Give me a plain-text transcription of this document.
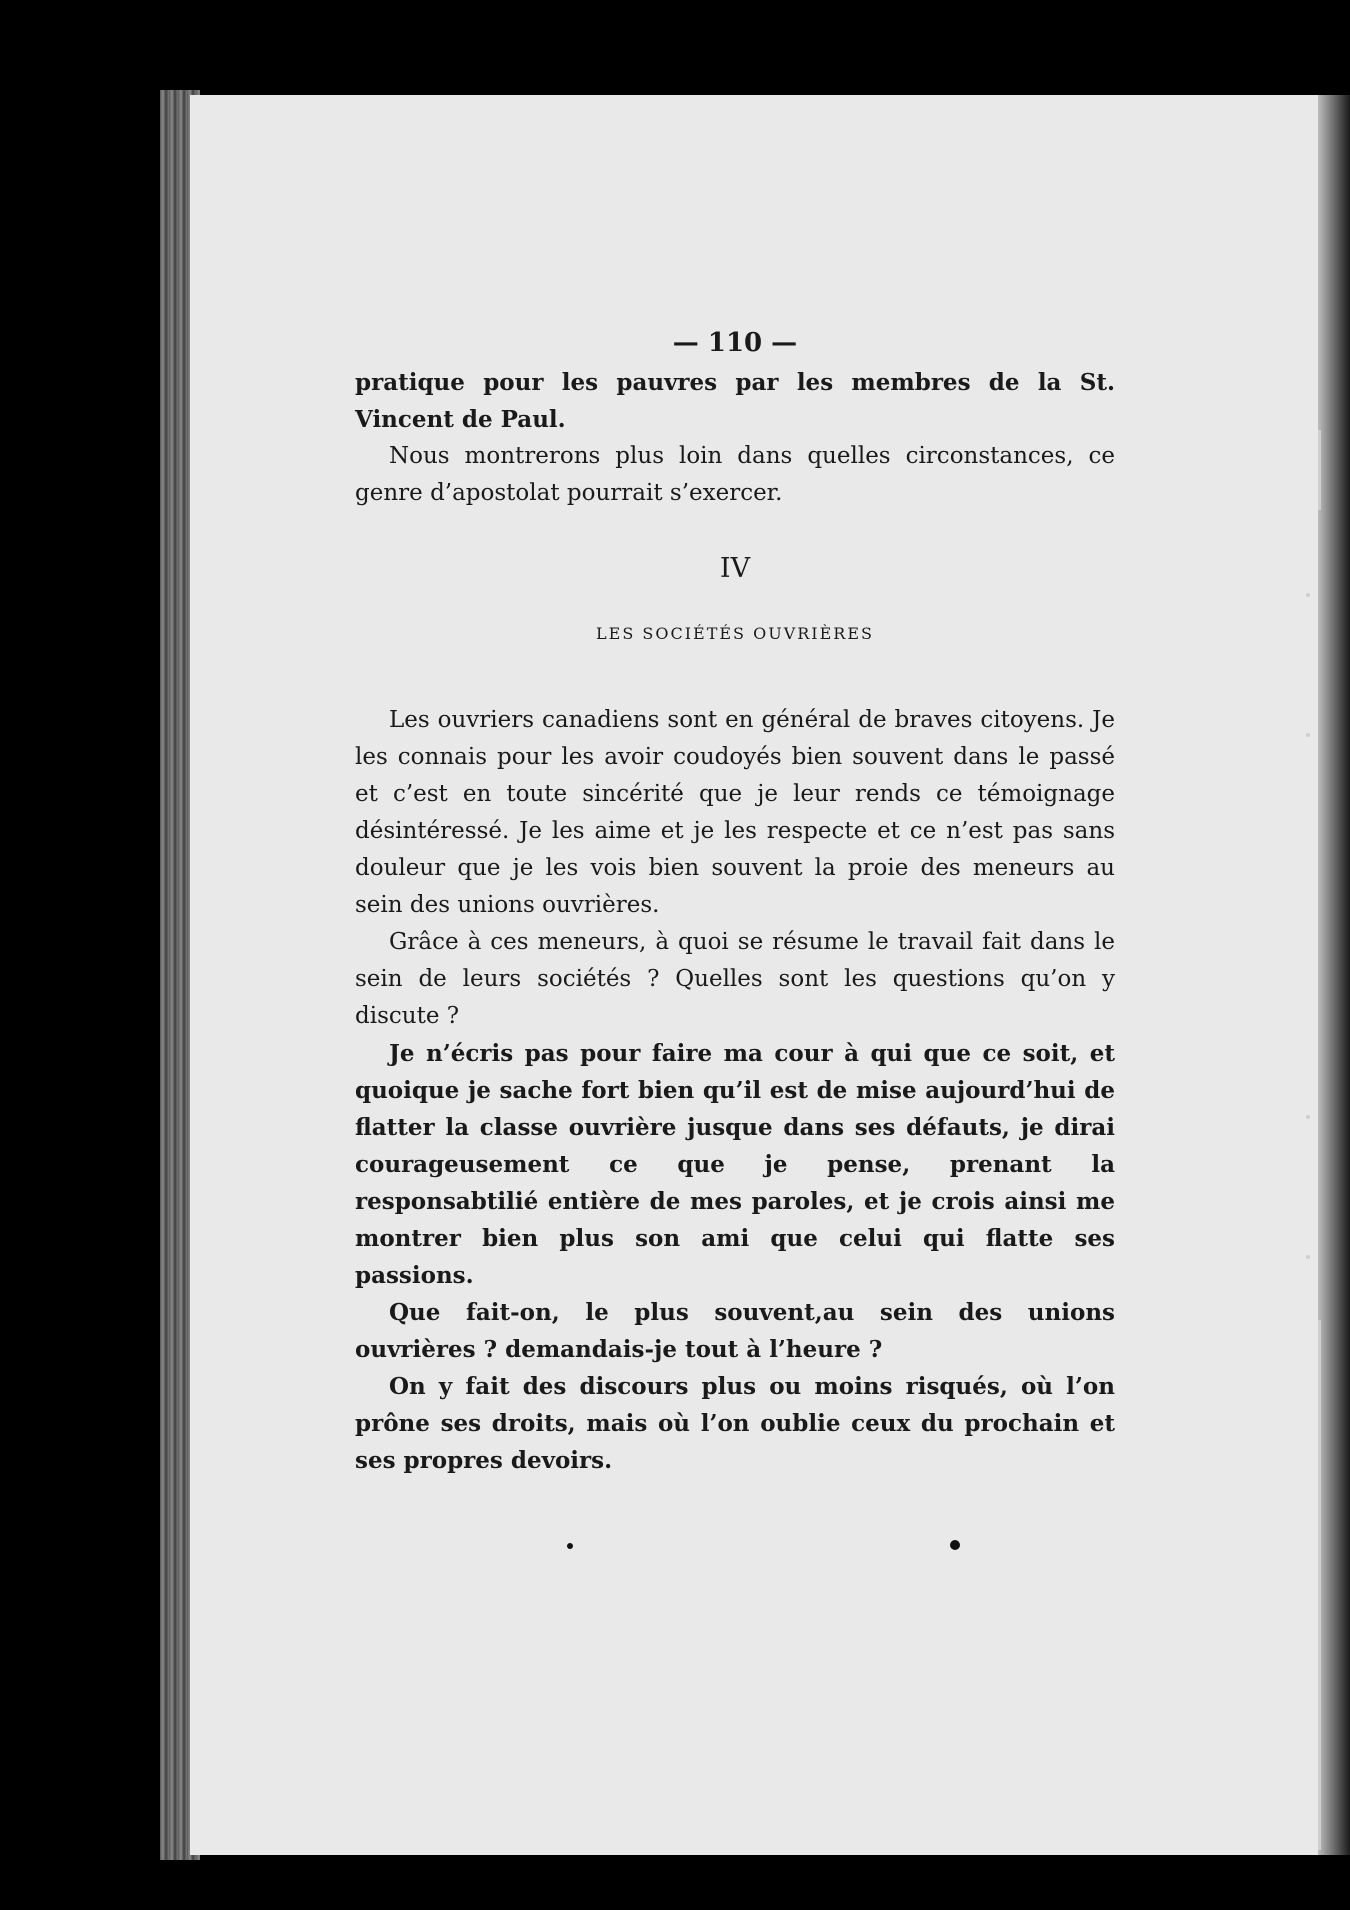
— 110 —

pratique pour les pauvres par les membres de la St. Vincent de Paul.

Nous montrerons plus loin dans quelles circonstances, ce genre d’apostolat pourrait s’exercer.

IV
LES SOCIÉTÉS OUVRIÈRES

Les ouvriers canadiens sont en général de braves citoyens. Je les connais pour les avoir coudoyés bien souvent dans le passé et c’est en toute sincérité que je leur rends ce témoignage désintéressé. Je les aime et je les respecte et ce n’est pas sans douleur que je les vois bien souvent la proie des meneurs au sein des unions ouvrières.

Grâce à ces meneurs, à quoi se résume le travail fait dans le sein de leurs sociétés ? Quelles sont les questions qu’on y discute ?

Je n’écris pas pour faire ma cour à qui que ce soit, et quoique je sache fort bien qu’il est de mise aujourd’hui de flatter la classe ouvrière jusque dans ses défauts, je dirai courageusement ce que je pense, prenant la responsabtilié entière de mes paroles, et je crois ainsi me montrer bien plus son ami que celui qui flatte ses passions.

Que fait-on, le plus souvent,au sein des unions ouvrières ? demandais-je tout à l’heure ?

On y fait des discours plus ou moins risqués, où l’on prône ses droits, mais où l’on oublie ceux du prochain et ses propres devoirs.
